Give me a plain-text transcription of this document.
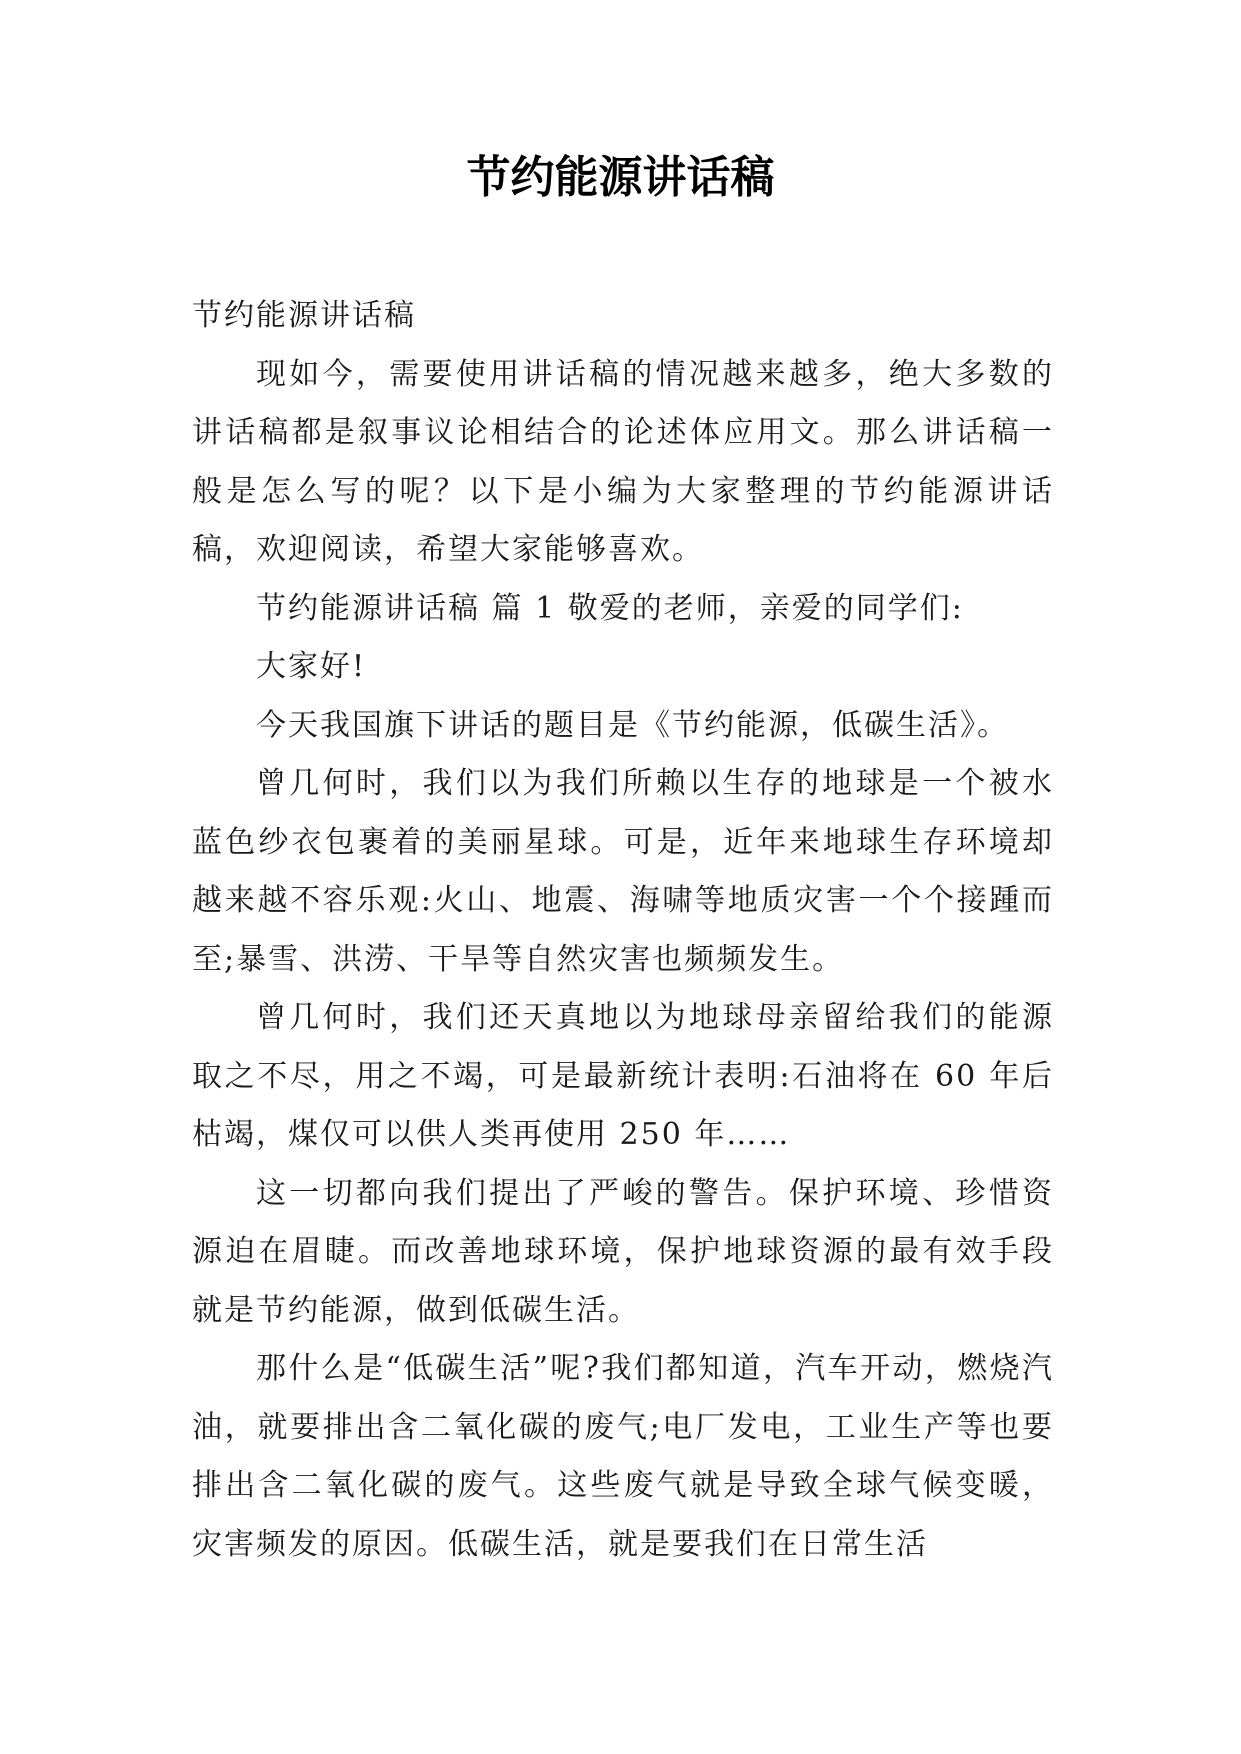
节约能源讲话稿

节约能源讲话稿

现如今，需要使用讲话稿的情况越来越多，绝大多数的讲话稿都是叙事议论相结合的论述体应用文。那么讲话稿一般是怎么写的呢？以下是小编为大家整理的节约能源讲话稿，欢迎阅读，希望大家能够喜欢。

节约能源讲话稿 篇 1 敬爱的老师，亲爱的同学们:

大家好!

今天我国旗下讲话的题目是《节约能源，低碳生活》。

曾几何时，我们以为我们所赖以生存的地球是一个被水蓝色纱衣包裹着的美丽星球。可是，近年来地球生存环境却越来越不容乐观:火山、地震、海啸等地质灾害一个个接踵而至;暴雪、洪涝、干旱等自然灾害也频频发生。

曾几何时，我们还天真地以为地球母亲留给我们的能源取之不尽，用之不竭，可是最新统计表明:石油将在 60 年后枯竭，煤仅可以供人类再使用 250 年……

这一切都向我们提出了严峻的警告。保护环境、珍惜资源迫在眉睫。而改善地球环境，保护地球资源的最有效手段就是节约能源，做到低碳生活。

那什么是“低碳生活”呢?我们都知道，汽车开动，燃烧汽油，就要排出含二氧化碳的废气;电厂发电，工业生产等也要排出含二氧化碳的废气。这些废气就是导致全球气候变暖，灾害频发的原因。低碳生活，就是要我们在日常生活
